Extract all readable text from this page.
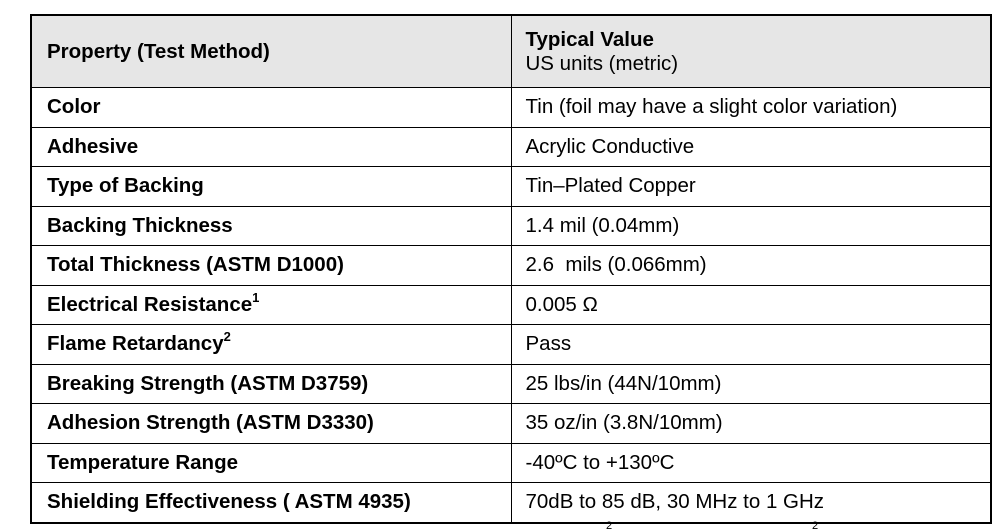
Property (Test Method)	Typical Value
US units (metric)

Color	Tin (foil may have a slight color variation)
Adhesive	Acrylic Conductive
Type of Backing	Tin–Plated Copper
Backing Thickness	1.4 mil (0.04mm)
Total Thickness (ASTM D1000)	2.6  mils (0.066mm)
Electrical Resistance$^1$	0.005 Ω
Flame Retardancy$^2$	Pass
Breaking Strength (ASTM D3759)	25 lbs/in (44N/10mm)
Adhesion Strength (ASTM D3330)	35 oz/in (3.8N/10mm)
Temperature Range	-40ºC to +130ºC
Shielding Effectiveness ( ASTM 4935)	70dB to 85 dB, 30 MHz to 1 GHz
2	2
